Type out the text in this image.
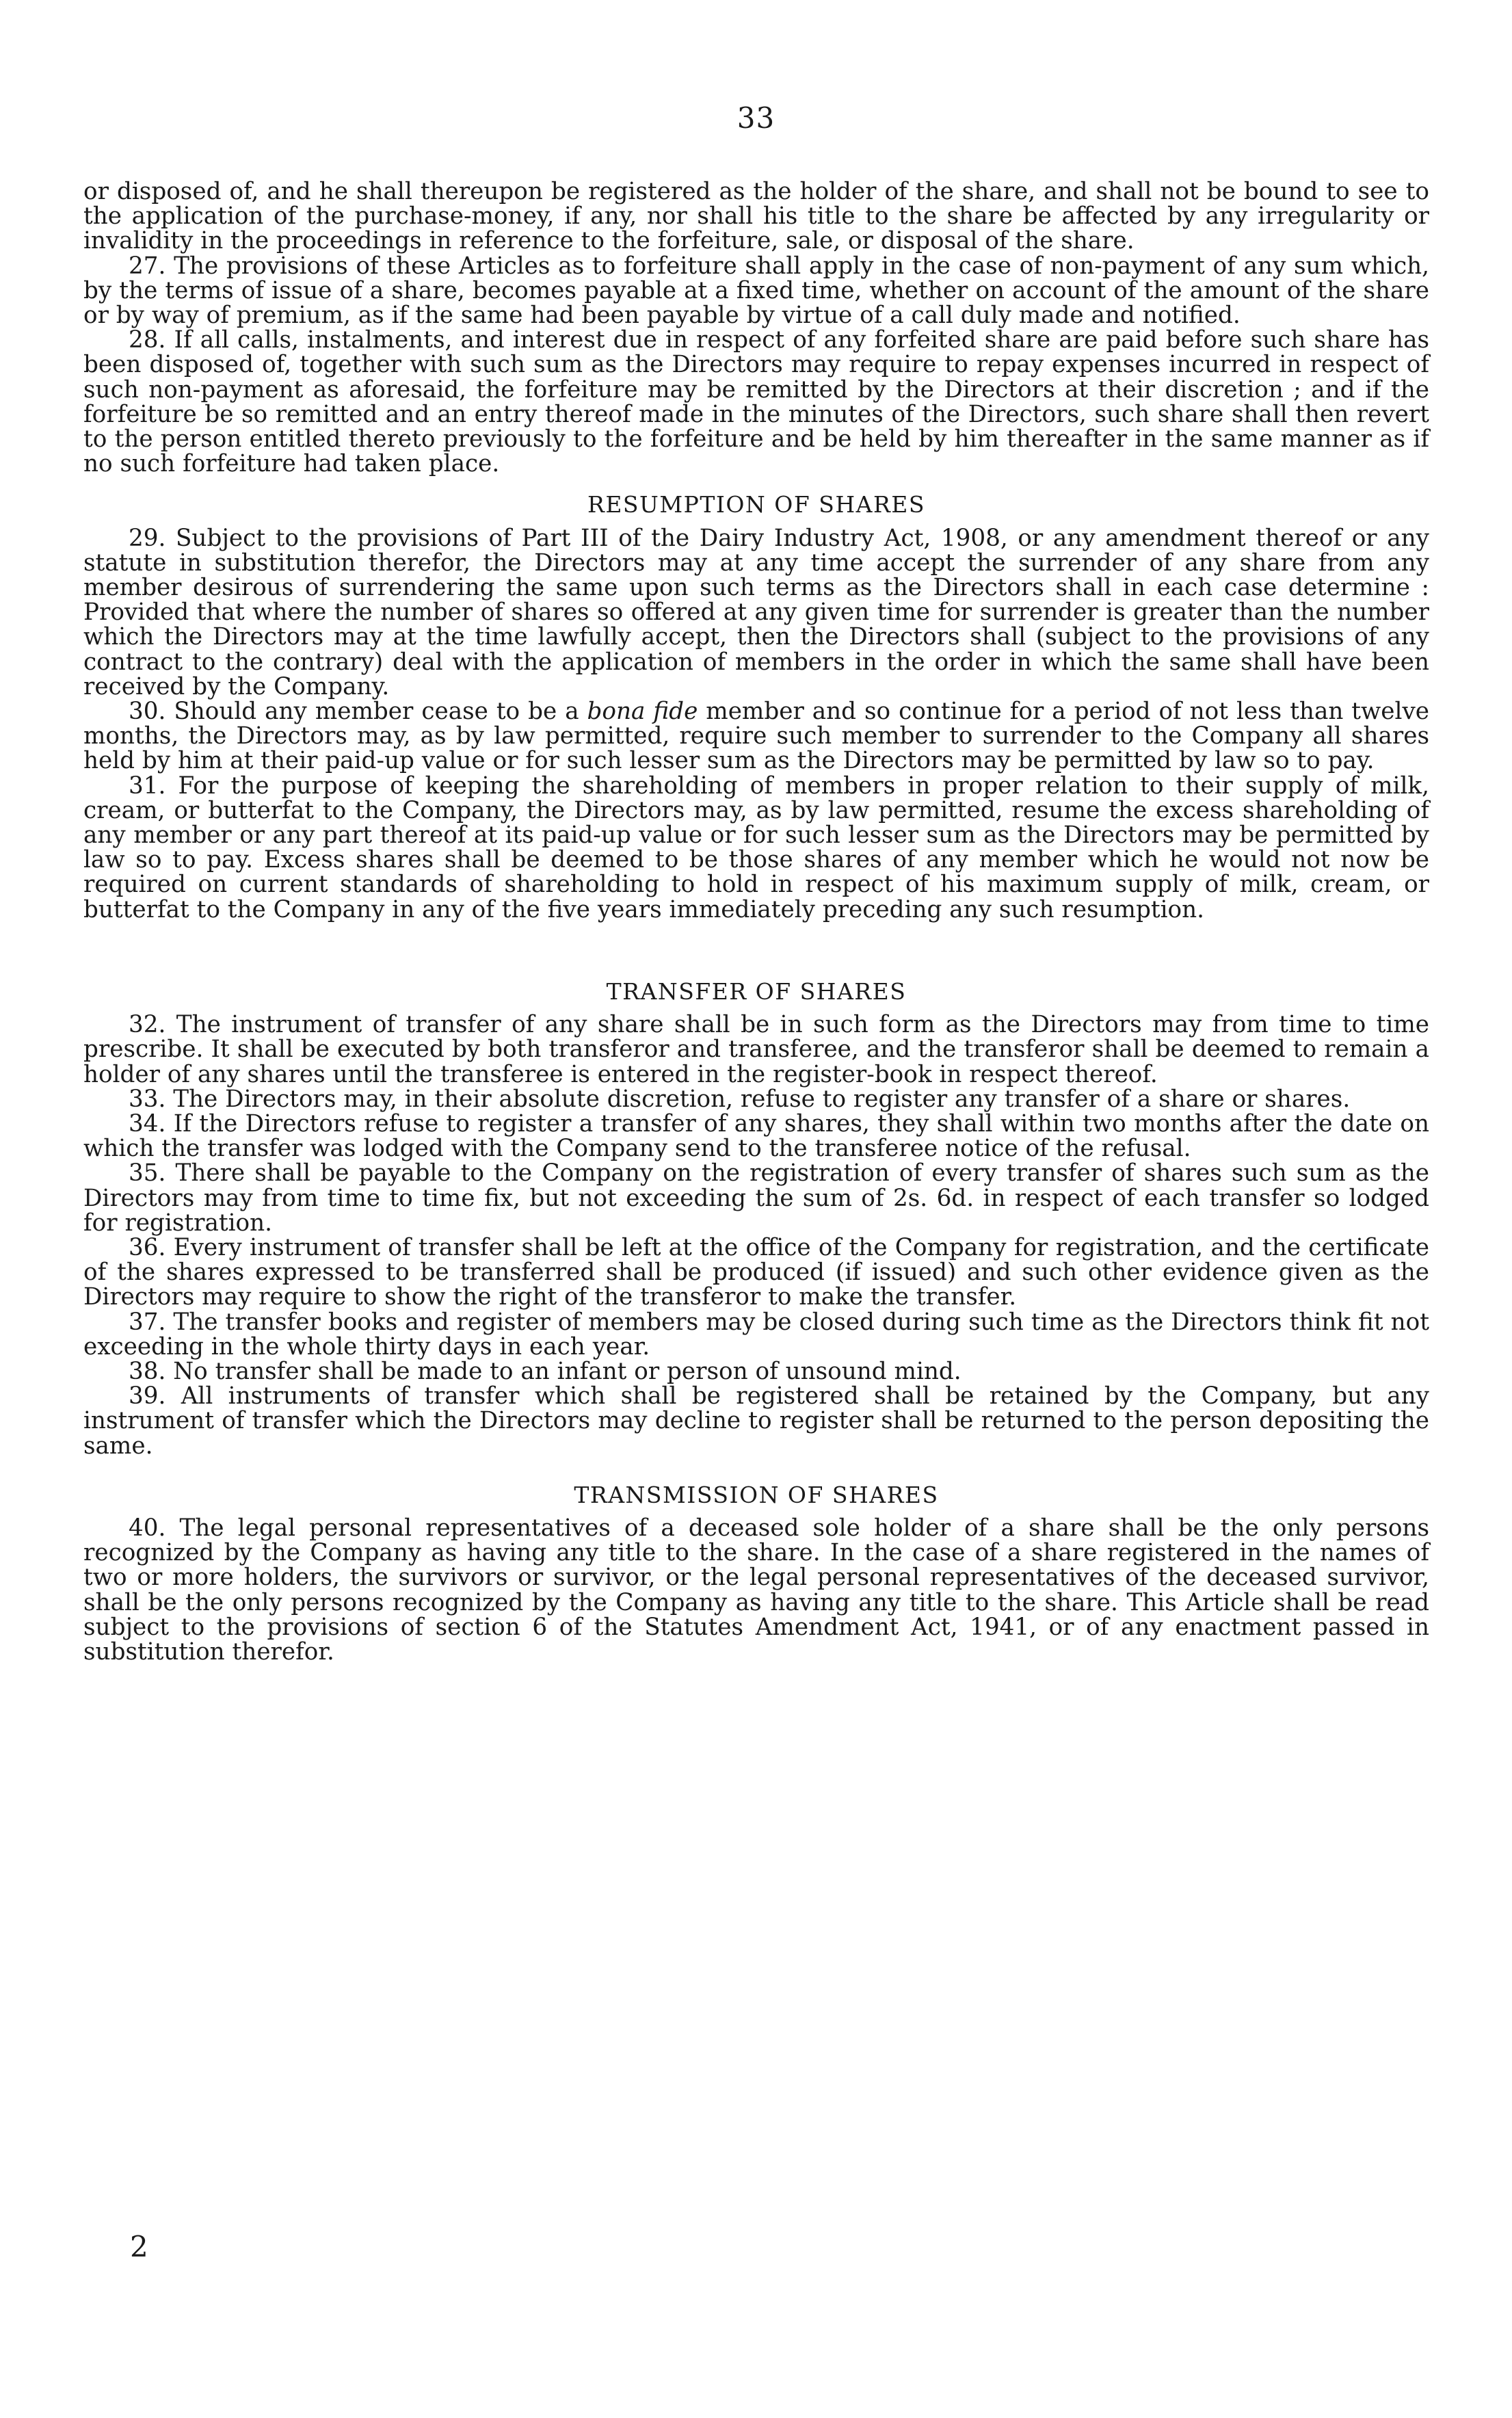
33

or disposed of, and he shall thereupon be registered as the holder of the share, and shall not be bound to see to the application of the purchase-money, if any, nor shall his title to the share be affected by any irregularity or invalidity in the proceedings in reference to the forfeiture, sale, or disposal of the share.

27. The provisions of these Articles as to forfeiture shall apply in the case of non-payment of any sum which, by the terms of issue of a share, becomes payable at a fixed time, whether on account of the amount of the share or by way of premium, as if the same had been payable by virtue of a call duly made and notified.

28. If all calls, instalments, and interest due in respect of any forfeited share are paid before such share has been disposed of, together with such sum as the Directors may require to repay expenses incurred in respect of such non-payment as aforesaid, the forfeiture may be remitted by the Directors at their discretion ; and if the forfeiture be so remitted and an entry thereof made in the minutes of the Directors, such share shall then revert to the person entitled thereto previously to the forfeiture and be held by him thereafter in the same manner as if no such forfeiture had taken place.

RESUMPTION OF SHARES

29. Subject to the provisions of Part III of the Dairy Industry Act, 1908, or any amendment thereof or any statute in substitution therefor, the Directors may at any time accept the surrender of any share from any member desirous of surrendering the same upon such terms as the Directors shall in each case determine : Provided that where the number of shares so offered at any given time for surrender is greater than the number which the Directors may at the time lawfully accept, then the Directors shall (subject to the provisions of any contract to the contrary) deal with the application of members in the order in which the same shall have been received by the Company.

30. Should any member cease to be a bona fide member and so continue for a period of not less than twelve months, the Directors may, as by law permitted, require such member to surrender to the Company all shares held by him at their paid-up value or for such lesser sum as the Directors may be permitted by law so to pay.

31. For the purpose of keeping the shareholding of members in proper relation to their supply of milk, cream, or butterfat to the Company, the Directors may, as by law permitted, resume the excess shareholding of any member or any part thereof at its paid-up value or for such lesser sum as the Directors may be permitted by law so to pay. Excess shares shall be deemed to be those shares of any member which he would not now be required on current standards of shareholding to hold in respect of his maximum supply of milk, cream, or butterfat to the Company in any of the five years immediately preceding any such resumption.

TRANSFER OF SHARES

32. The instrument of transfer of any share shall be in such form as the Directors may from time to time prescribe. It shall be executed by both transferor and transferee, and the transferor shall be deemed to remain a holder of any shares until the transferee is entered in the register-book in respect thereof.

33. The Directors may, in their absolute discretion, refuse to register any transfer of a share or shares.

34. If the Directors refuse to register a transfer of any shares, they shall within two months after the date on which the transfer was lodged with the Company send to the transferee notice of the refusal.

35. There shall be payable to the Company on the registration of every transfer of shares such sum as the Directors may from time to time fix, but not exceeding the sum of 2s. 6d. in respect of each transfer so lodged for registration.

36. Every instrument of transfer shall be left at the office of the Company for registration, and the certificate of the shares expressed to be transferred shall be produced (if issued) and such other evidence given as the Directors may require to show the right of the transferor to make the transfer.

37. The transfer books and register of members may be closed during such time as the Directors think fit not exceeding in the whole thirty days in each year.

38. No transfer shall be made to an infant or person of unsound mind.

39. All instruments of transfer which shall be registered shall be retained by the Company, but any instrument of transfer which the Directors may decline to register shall be returned to the person depositing the same.

TRANSMISSION OF SHARES

40. The legal personal representatives of a deceased sole holder of a share shall be the only persons recognized by the Company as having any title to the share. In the case of a share registered in the names of two or more holders, the survivors or survivor, or the legal personal representatives of the deceased survivor, shall be the only persons recognized by the Company as having any title to the share. This Article shall be read subject to the provisions of section 6 of the Statutes Amendment Act, 1941, or of any enactment passed in substitution therefor.

2
